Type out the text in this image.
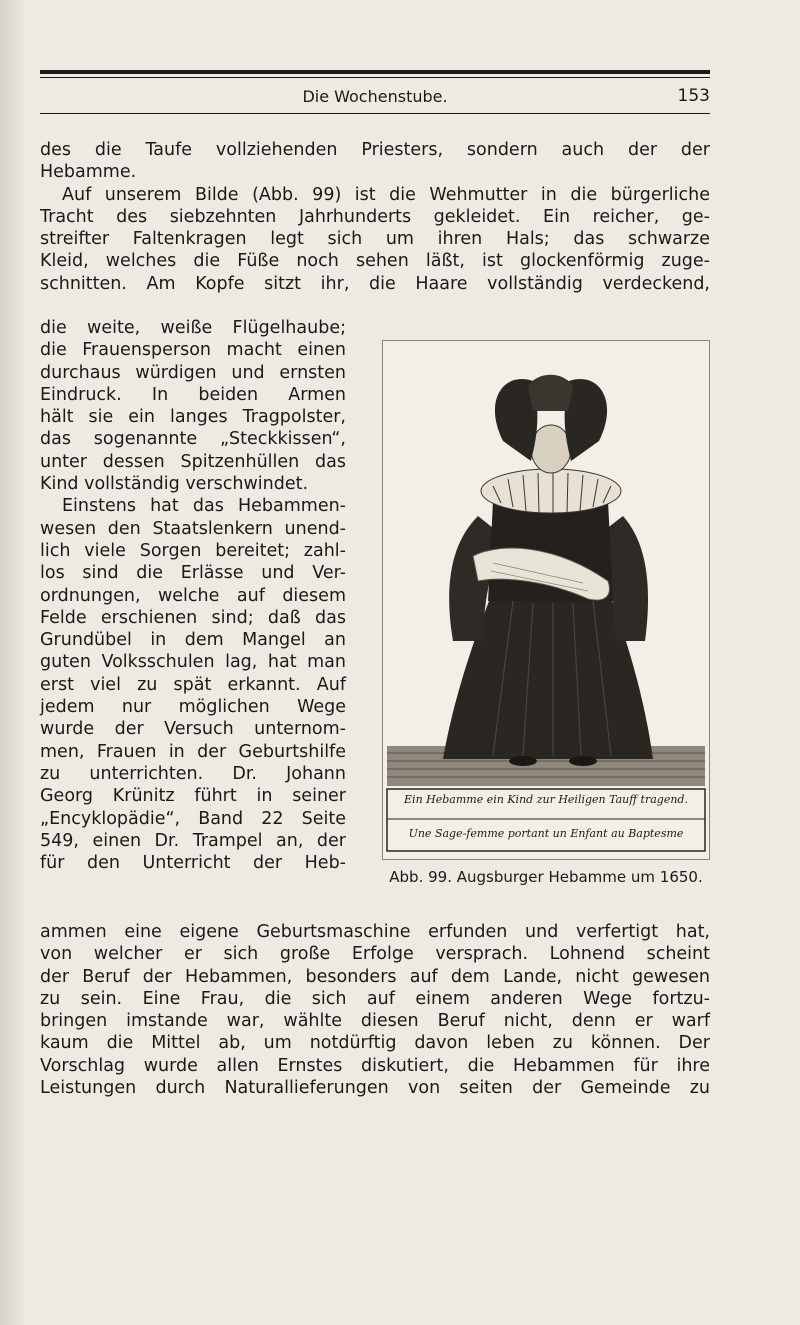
Die Wochenstube.	153
des die Taufe vollziehenden Priesters, sondern auch der der
Hebamme.
Auf unserem Bilde (Abb. 99) ist die Wehmutter in die bürgerliche
Tracht des siebzehnten Jahrhunderts gekleidet. Ein reicher, ge-
streifter Faltenkragen legt sich um ihren Hals; das schwarze
Kleid, welches die Füße noch sehen läßt, ist glockenförmig zuge-
schnitten. Am Kopfe sitzt ihr, die Haare vollständig verdeckend,
die weite, weiße Flügelhaube;
die Frauensperson macht einen
durchaus würdigen und ernsten
Eindruck. In beiden Armen
hält sie ein langes Tragpolster,
das sogenannte „Steckkissen“,
unter dessen Spitzenhüllen das
Kind vollständig verschwindet.
Einstens hat das Hebammen-
wesen den Staatslenkern unend-
lich viele Sorgen bereitet; zahl-
los sind die Erlässe und Ver-
ordnungen, welche auf diesem
Felde erschienen sind; daß das
Grundübel in dem Mangel an
guten Volksschulen lag, hat man
erst viel zu spät erkannt. Auf
jedem nur möglichen Wege
wurde der Versuch unternom-
men, Frauen in der Geburtshilfe
zu unterrichten. Dr. Johann
Georg Krünitz führt in seiner
„Encyklopädie“, Band 22 Seite
549, einen Dr. Trampel an, der
für den Unterricht der Heb-
Ein Hebamme ein Kind zur Heiligen Tauff tragend.
Une Sage-femme portant un Enfant au Baptesme
Abb. 99. Augsburger Hebamme um 1650.
ammen eine eigene Geburtsmaschine erfunden und verfertigt hat,
von welcher er sich große Erfolge versprach. Lohnend scheint
der Beruf der Hebammen, besonders auf dem Lande, nicht gewesen
zu sein. Eine Frau, die sich auf einem anderen Wege fortzu-
bringen imstande war, wählte diesen Beruf nicht, denn er warf
kaum die Mittel ab, um notdürftig davon leben zu können. Der
Vorschlag wurde allen Ernstes diskutiert, die Hebammen für ihre
Leistungen durch Naturallieferungen von seiten der Gemeinde zu
